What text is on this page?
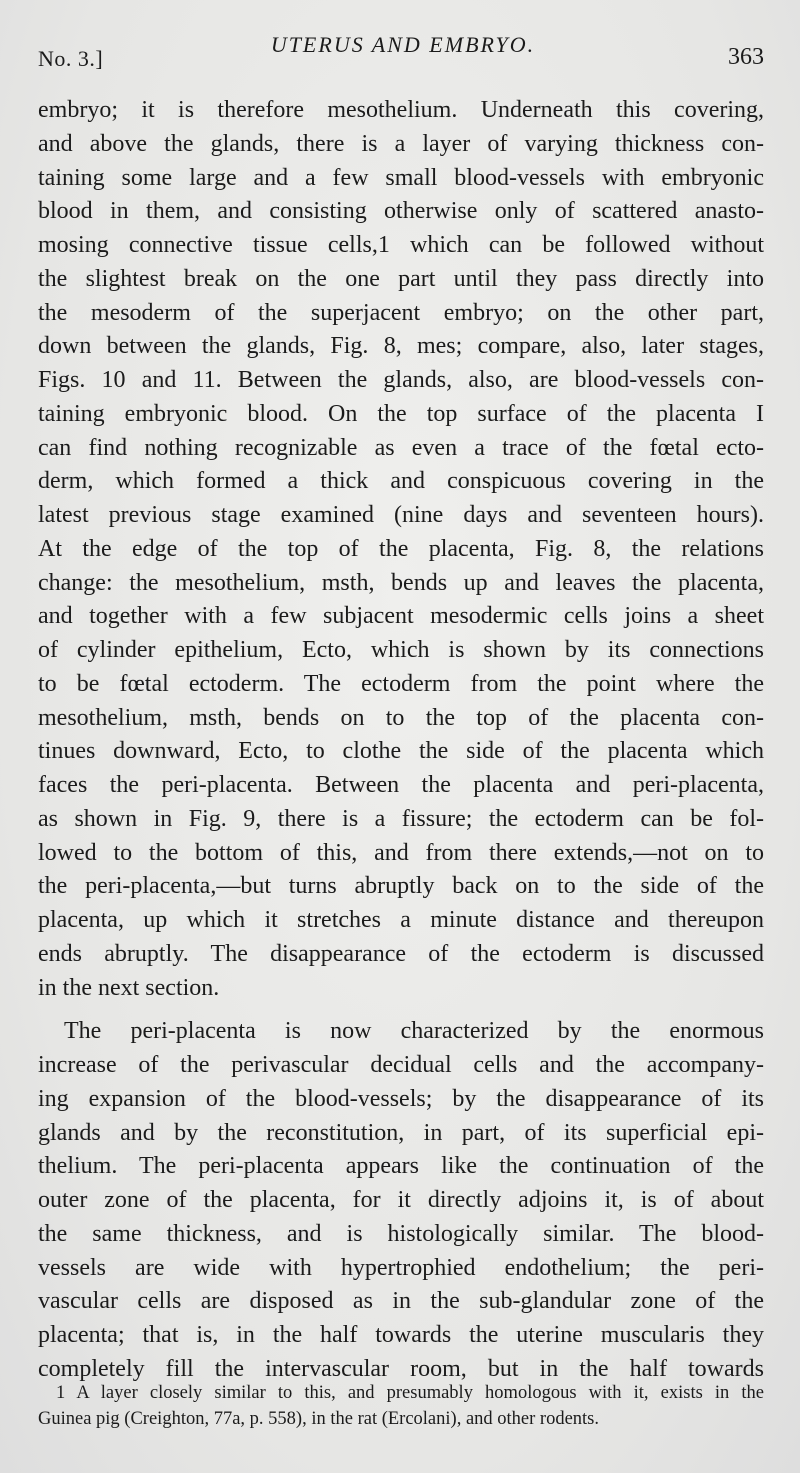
No. 3.]
UTERUS AND EMBRYO.	363
embryo; it is therefore mesothelium. Underneath this covering,
and above the glands, there is a layer of varying thickness con-
taining some large and a few small blood-vessels with embryonic
blood in them, and consisting otherwise only of scattered anasto-
mosing connective tissue cells,1 which can be followed without
the slightest break on the one part until they pass directly into
the mesoderm of the superjacent embryo; on the other part,
down between the glands, Fig. 8, mes; compare, also, later stages,
Figs. 10 and 11. Between the glands, also, are blood-vessels con-
taining embryonic blood. On the top surface of the placenta I
can find nothing recognizable as even a trace of the fœtal ecto-
derm, which formed a thick and conspicuous covering in the
latest previous stage examined (nine days and seventeen hours).
At the edge of the top of the placenta, Fig. 8, the relations
change: the mesothelium, msth, bends up and leaves the placenta,
and together with a few subjacent mesodermic cells joins a sheet
of cylinder epithelium, Ecto, which is shown by its connections
to be fœtal ectoderm. The ectoderm from the point where the
mesothelium, msth, bends on to the top of the placenta con-
tinues downward, Ecto, to clothe the side of the placenta which
faces the peri-placenta. Between the placenta and peri-placenta,
as shown in Fig. 9, there is a fissure; the ectoderm can be fol-
lowed to the bottom of this, and from there extends,—not on to
the peri-placenta,—but turns abruptly back on to the side of the
placenta, up which it stretches a minute distance and thereupon
ends abruptly. The disappearance of the ectoderm is discussed
in the next section.
The peri-placenta is now characterized by the enormous
increase of the perivascular decidual cells and the accompany-
ing expansion of the blood-vessels; by the disappearance of its
glands and by the reconstitution, in part, of its superficial epi-
thelium. The peri-placenta appears like the continuation of the
outer zone of the placenta, for it directly adjoins it, is of about
the same thickness, and is histologically similar. The blood-
vessels are wide with hypertrophied endothelium; the peri-
vascular cells are disposed as in the sub-glandular zone of the
placenta; that is, in the half towards the uterine muscularis they
completely fill the intervascular room, but in the half towards
1 A layer closely similar to this, and presumably homologous with it, exists in the
Guinea pig (Creighton, 77a, p. 558), in the rat (Ercolani), and other rodents.
